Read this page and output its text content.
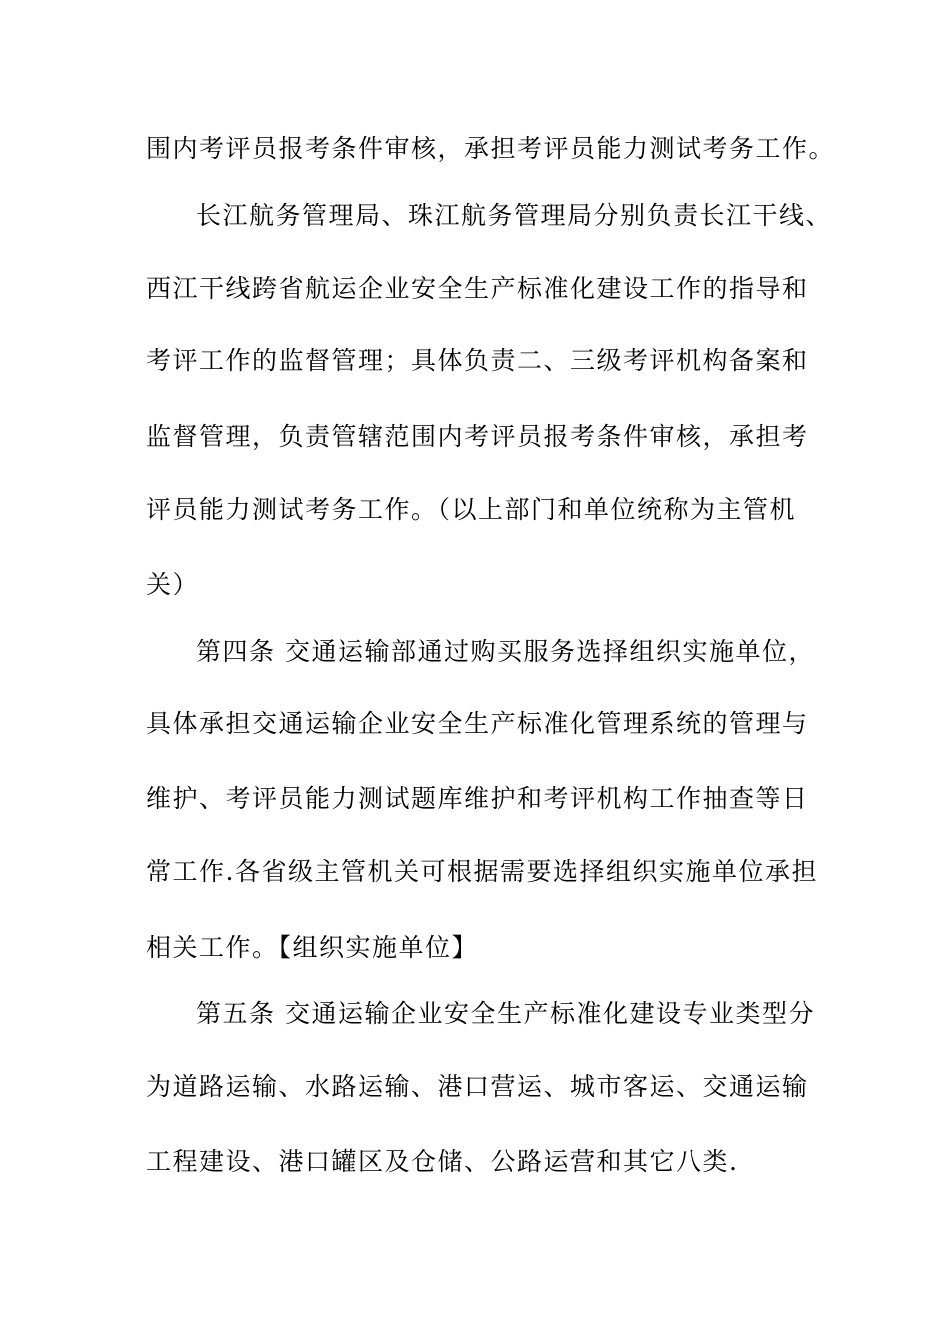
围内考评员报考条件审核，承担考评员能力测试考务工作。
长江航务管理局、珠江航务管理局分别负责长江干线、
西江干线跨省航运企业安全生产标准化建设工作的指导和
考评工作的监督管理；具体负责二、三级考评机构备案和
监督管理，负责管辖范围内考评员报考条件审核，承担考
评员能力测试考务工作。（以上部门和单位统称为主管机
关）
第四条 交通运输部通过购买服务选择组织实施单位，
具体承担交通运输企业安全生产标准化管理系统的管理与
维护、考评员能力测试题库维护和考评机构工作抽查等日
常工作.各省级主管机关可根据需要选择组织实施单位承担
相关工作。【组织实施单位】
第五条 交通运输企业安全生产标准化建设专业类型分
为道路运输、水路运输、港口营运、城市客运、交通运输
工程建设、港口罐区及仓储、公路运营和其它八类.
